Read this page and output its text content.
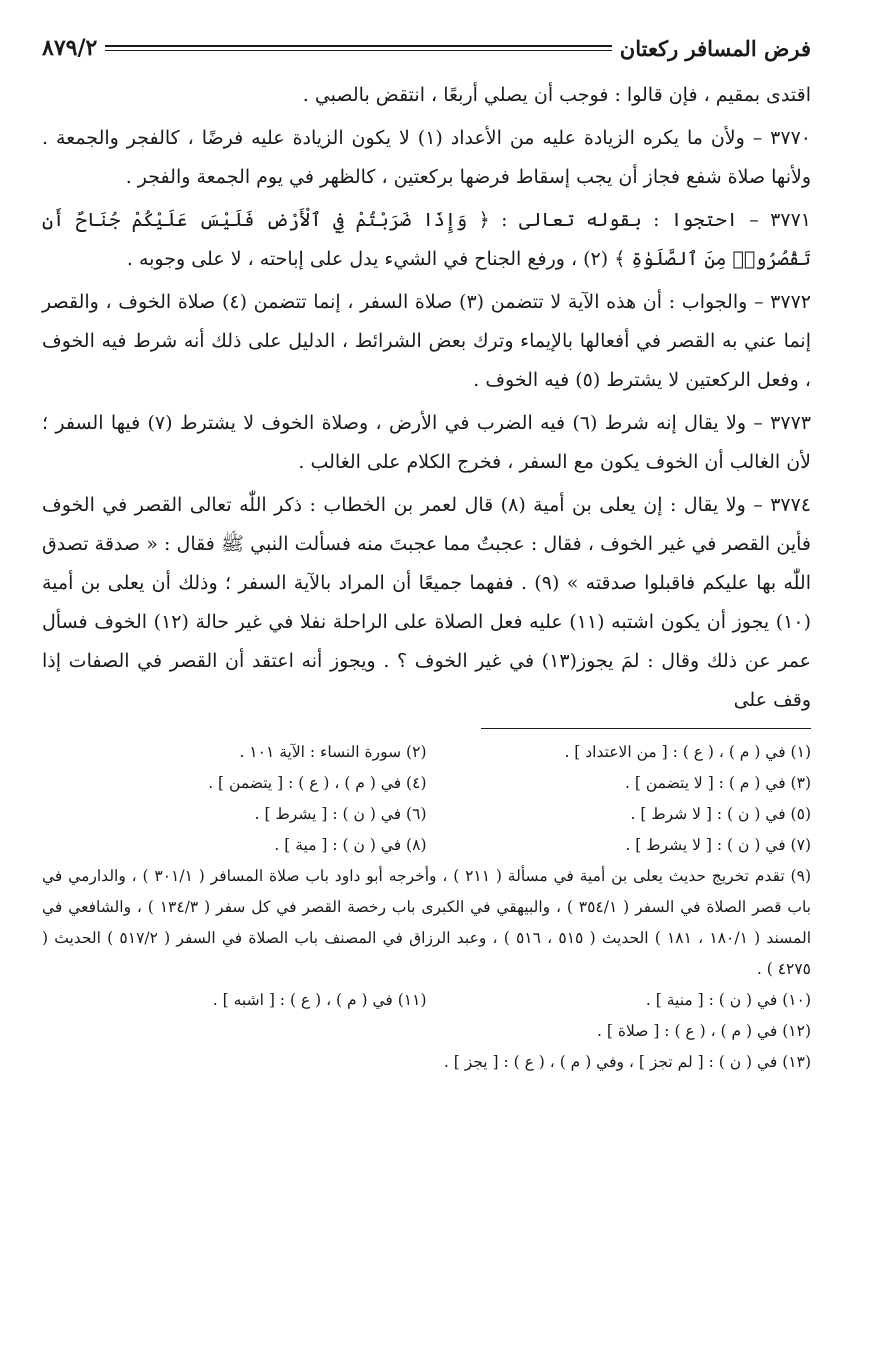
فرض المسافر ركعتان
٨٧٩/٢

اقتدى بمقيم ، فإن قالوا : فوجب أن يصلي أربعًا ، انتقض بالصبي .

٣٧٧٠ – ولأن ما يكره الزيادة عليه من الأعداد (١) لا يكون الزيادة عليه فرضًا ، كالفجر والجمعة . ولأنها صلاة شفع فجاز أن يجب إسقاط فرضها بركعتين ، كالظهر في يوم الجمعة والفجر .

٣٧٧١ – احتجوا : بقوله تعالى : ﴿ وَإِذَا ضَرَبْتُمْ فِي ٱلْأَرْضِ فَلَيْسَ عَلَيْكُمْ جُنَاحٌ أَن تَقْصُرُوا۟ مِنَ ٱلصَّلَوٰةِ ﴾ (٢) ، ورفع الجناح في الشيء يدل على إباحته ، لا على وجوبه .

٣٧٧٢ – والجواب : أن هذه الآية لا تتضمن (٣) صلاة السفر ، إنما تتضمن (٤) صلاة الخوف ، والقصر إنما عني به القصر في أفعالها بالإيماء وترك بعض الشرائط ، الدليل على ذلك أنه شرط فيه الخوف ، وفعل الركعتين لا يشترط (٥) فيه الخوف .

٣٧٧٣ – ولا يقال إنه شرط (٦) فيه الضرب في الأرض ، وصلاة الخوف لا يشترط (٧) فيها السفر ؛ لأن الغالب أن الخوف يكون مع السفر ، فخرج الكلام على الغالب .

٣٧٧٤ – ولا يقال : إن يعلى بن أمية (٨) قال لعمر بن الخطاب : ذكر اللّٰه تعالى القصر في الخوف فأين القصر في غير الخوف ، فقال : عجبتُ مما عجبتَ منه فسألت النبي ﷺ فقال : « صدقة تصدق اللّٰه بها عليكم فاقبلوا صدقته » (٩) . ففهما جميعًا أن المراد بالآية السفر ؛ وذلك أن يعلى بن أمية (١٠) يجوز أن يكون اشتبه (١١) عليه فعل الصلاة على الراحلة نفلا في غير حالة (١٢) الخوف فسأل عمر عن ذلك وقال : لمَ يجوز(١٣) في غير الخوف ؟ . ويجوز أنه اعتقد أن القصر في الصفات إذا وقف على

(١) في ( م ) ، ( ع ) : [ من الاعتداد ] .
(٢) سورة النساء : الآية ١٠١ .
(٣) في ( م ) : [ لا يتضمن ] .
(٤) في ( م ) ، ( ع ) : [ يتضمن ] .
(٥) في ( ن ) : [ لا شرط ] .
(٦) في ( ن ) : [ يشرط ] .
(٧) في ( ن ) : [ لا يشرط ] .
(٨) في ( ن ) : [ مية ] .
(٩) تقدم تخريج حديث يعلى بن أمية في مسألة ( ٢١١ ) ، وأخرجه أبو داود باب صلاة المسافر ( ٣٠١/١ ) ، والدارمي في باب قصر الصلاة في السفر ( ٣٥٤/١ ) ، والبيهقي في الكبرى باب رخصة القصر في كل سفر ( ١٣٤/٣ ) ، والشافعي في المسند ( ١٨٠/١ ، ١٨١ ) الحديث ( ٥١٥ ، ٥١٦ ) ، وعبد الرزاق في المصنف باب الصلاة في السفر ( ٥١٧/٢ ) الحديث ( ٤٢٧٥ ) .
(١٠) في ( ن ) : [ منية ] .
(١١) في ( م ) ، ( ع ) : [ اشبه ] .
(١٢) في ( م ) ، ( ع ) : [ صلاة ] .
(١٣) في ( ن ) : [ لم تجز ] ، وفي ( م ) ، ( ع ) : [ يجز ] .
